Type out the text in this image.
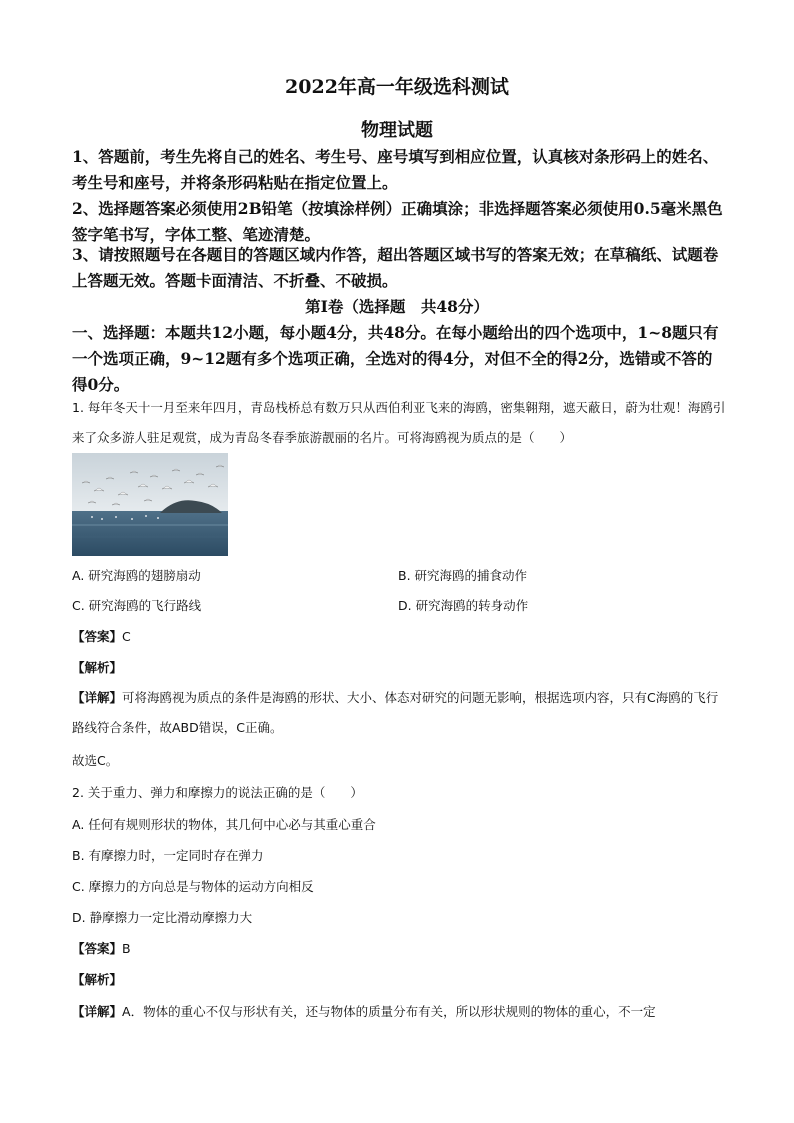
2022年高一年级选科测试
物理试题
1、答题前，考生先将自己的姓名、考生号、座号填写到相应位置，认真核对条形码上的姓名、考生号和座号，并将条形码粘贴在指定位置上。
2、选择题答案必须使用2B铅笔（按填涂样例）正确填涂；非选择题答案必须使用0.5毫米黑色签字笔书写，字体工整、笔迹清楚。
3、请按照题号在各题目的答题区域内作答，超出答题区域书写的答案无效；在草稿纸、试题卷上答题无效。答题卡面清洁、不折叠、不破损。
第Ⅰ卷（选择题　共48分）
一、选择题：本题共12小题，每小题4分，共48分。在每小题给出的四个选项中，1~8题只有一个选项正确，9~12题有多个选项正确，全选对的得4分，对但不全的得2分，选错或不答的得0分。
1. 每年冬天十一月至来年四月，青岛栈桥总有数万只从西伯利亚飞来的海鸥，密集翱翔，遮天蔽日，蔚为壮观！海鸥引来了众多游人驻足观赏，成为青岛冬春季旅游靓丽的名片。可将海鸥视为质点的是（　　）
A. 研究海鸥的翅膀扇动	B. 研究海鸥的捕食动作
C. 研究海鸥的飞行路线	D. 研究海鸥的转身动作
【答案】C
【解析】
【详解】可将海鸥视为质点的条件是海鸥的形状、大小、体态对研究的问题无影响，根据选项内容，只有C海鸥的飞行路线符合条件，故ABD错误，C正确。
故选C。
2. 关于重力、弹力和摩擦力的说法正确的是（　　）
A. 任何有规则形状的物体，其几何中心必与其重心重合
B. 有摩擦力时，一定同时存在弹力
C. 摩擦力的方向总是与物体的运动方向相反
D. 静摩擦力一定比滑动摩擦力大
【答案】B
【解析】
【详解】A．物体的重心不仅与形状有关，还与物体的质量分布有关，所以形状规则的物体的重心，不一定
